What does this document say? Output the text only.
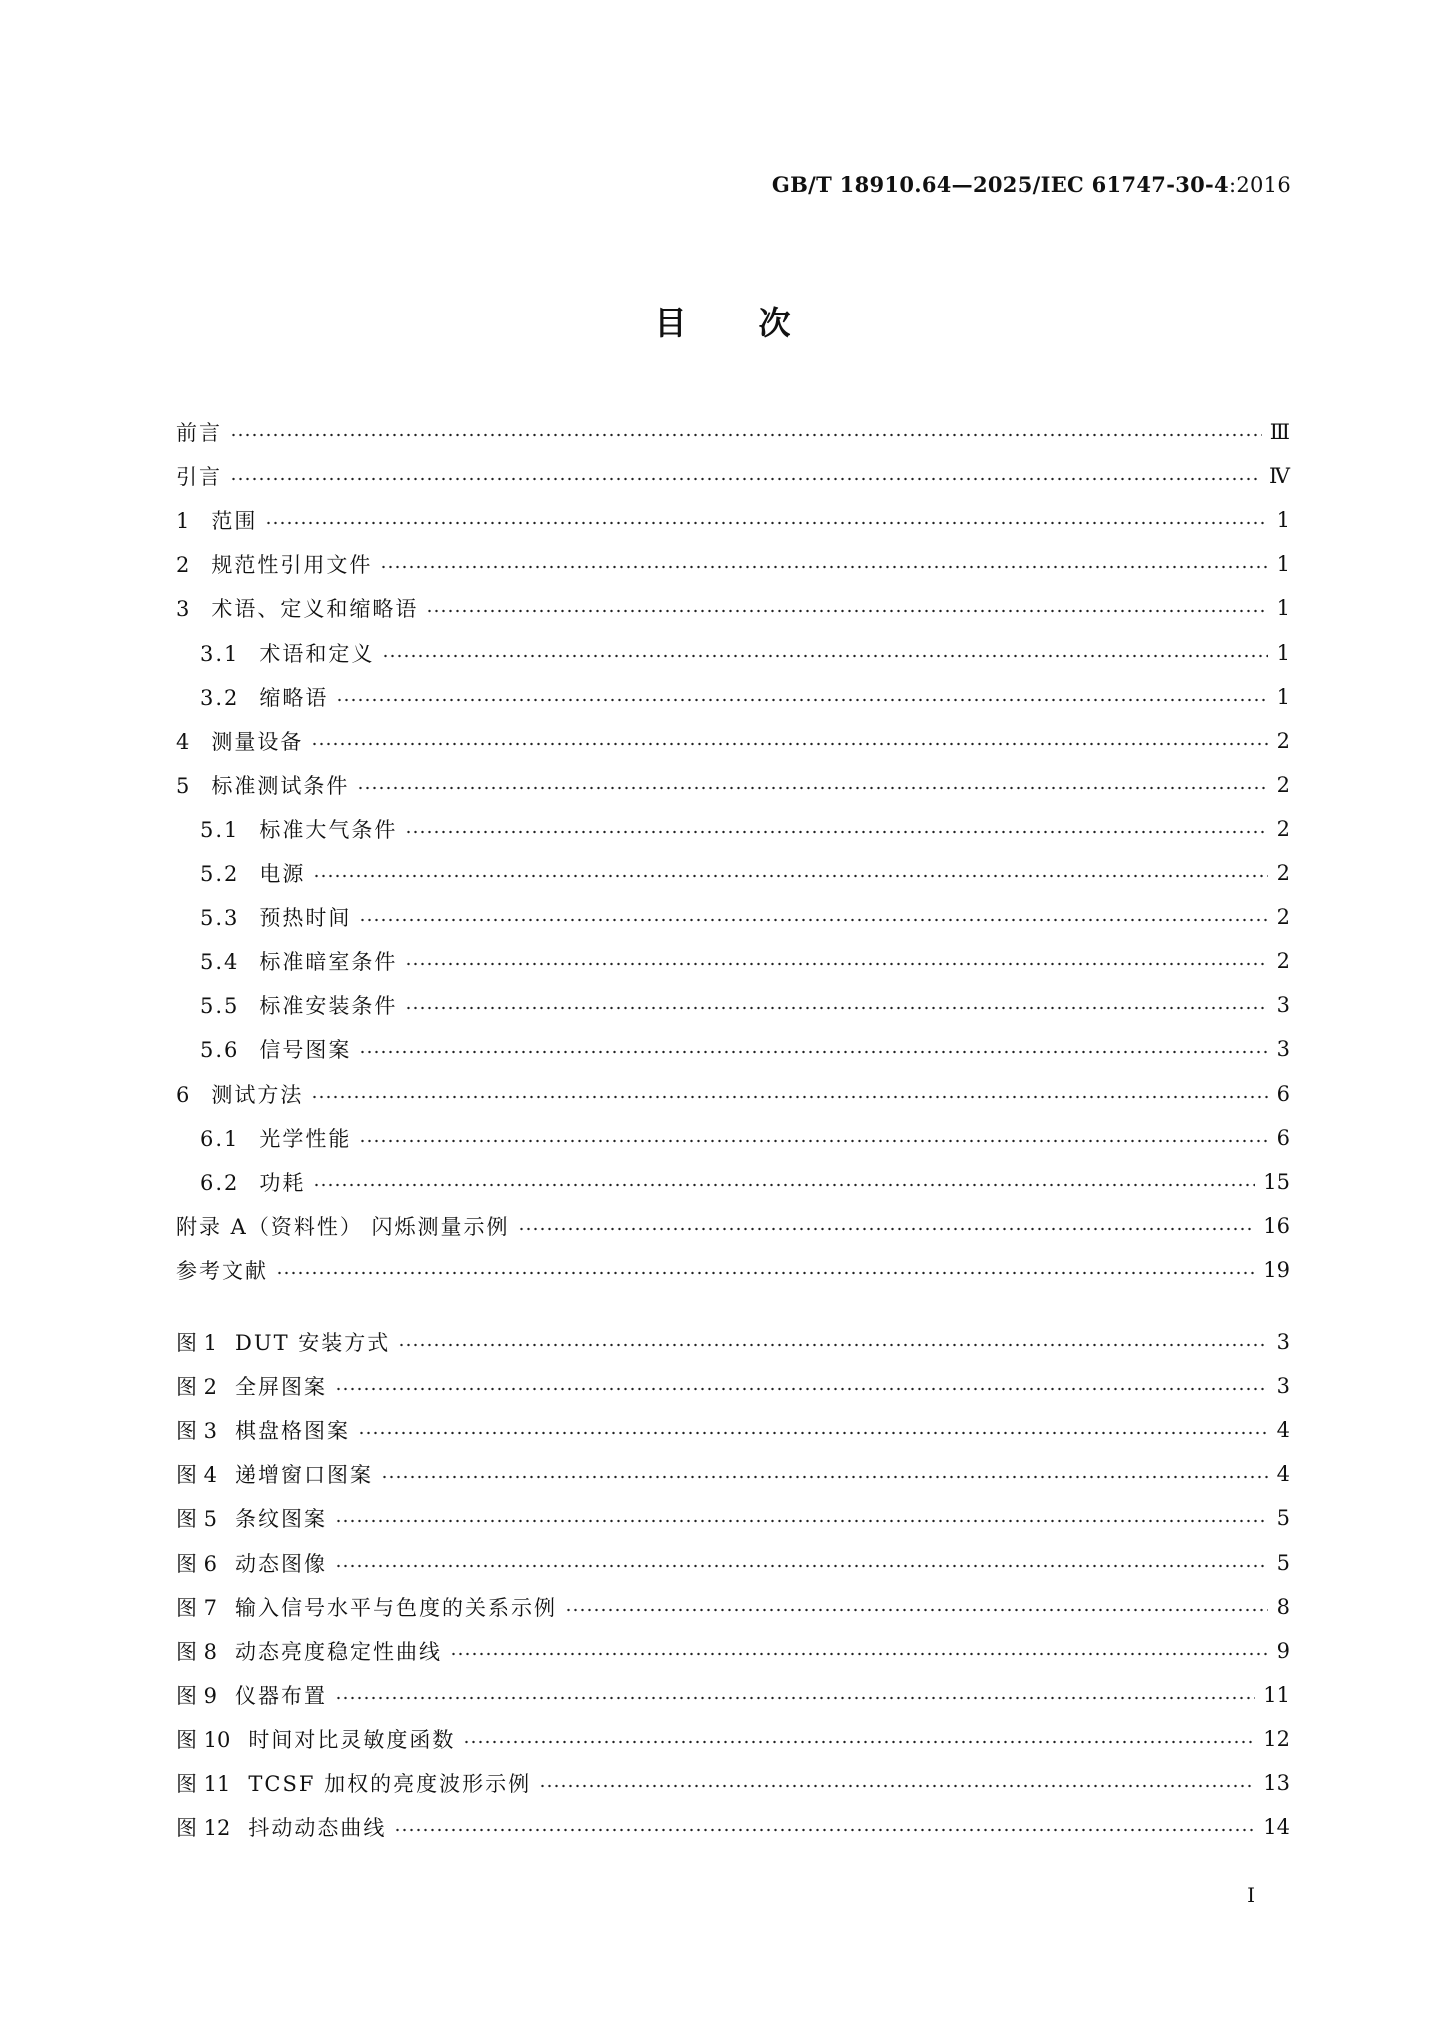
GB/T 18910.64—2025/IEC 61747-30-4:2016
目 次
前言	Ⅲ
引言	Ⅳ
1 范围	1
2 规范性引用文件	1
3 术语、定义和缩略语	1
3.1 术语和定义	1
3.2 缩略语	1
4 测量设备	2
5 标准测试条件	2
5.1 标准大气条件	2
5.2 电源	2
5.3 预热时间	2
5.4 标准暗室条件	2
5.5 标准安装条件	3
5.6 信号图案	3
6 测试方法	6
6.1 光学性能	6
6.2 功耗	15
附录 A（资料性） 闪烁测量示例	16
参考文献	19
图 1 DUT 安装方式	3
图 2 全屏图案	3
图 3 棋盘格图案	4
图 4 递增窗口图案	4
图 5 条纹图案	5
图 6 动态图像	5
图 7 输入信号水平与色度的关系示例	8
图 8 动态亮度稳定性曲线	9
图 9 仪器布置	11
图 10 时间对比灵敏度函数	12
图 11 TCSF 加权的亮度波形示例	13
图 12 抖动动态曲线	14
Ⅰ
